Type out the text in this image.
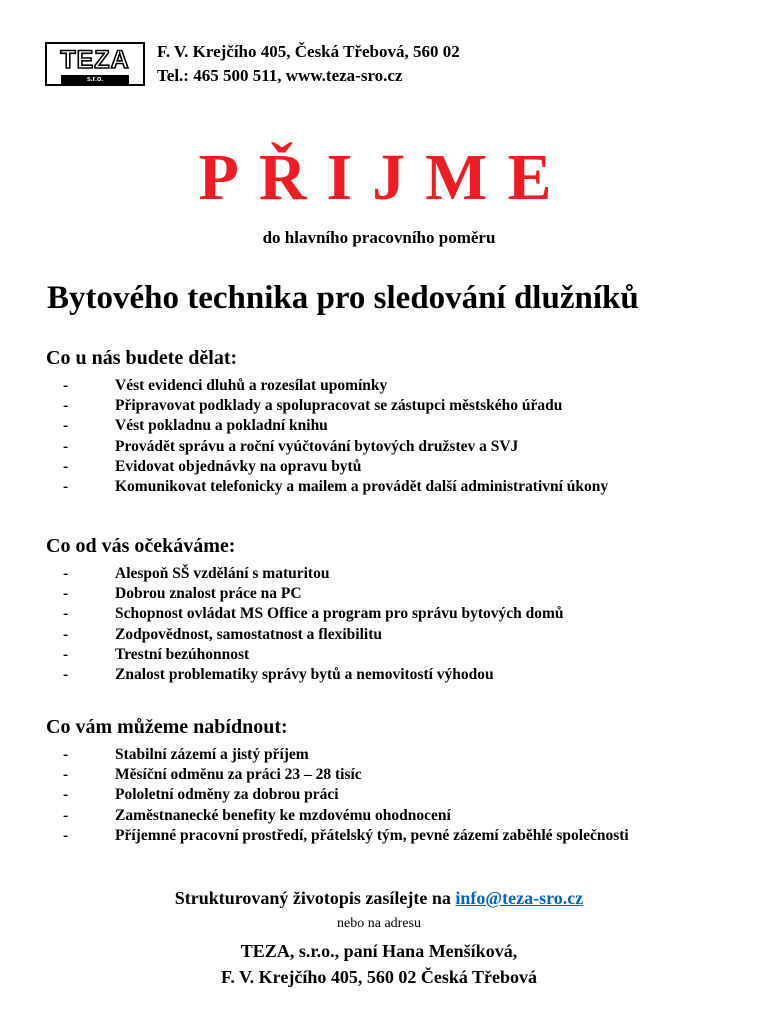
TEZA
s.r.o.
F. V. Krejčího 405, Česká Třebová, 560 02
Tel.: 465 500 511, www.teza-sro.cz
PŘIJME
do hlavního pracovního poměru
Bytového technika pro sledování dlužníků
Co u nás budete dělat:
-	Vést evidenci dluhů a rozesílat upomínky
-	Připravovat podklady a spolupracovat se zástupci městského úřadu
-	Vést pokladnu a pokladní knihu
-	Provádět správu a roční vyúčtování bytových družstev a SVJ
-	Evidovat objednávky na opravu bytů
-	Komunikovat telefonicky a mailem a provádět další administrativní úkony
Co od vás očekáváme:
-	Alespoň SŠ vzdělání s maturitou
-	Dobrou znalost práce na PC
-	Schopnost ovládat MS Office a program pro správu bytových domů
-	Zodpovědnost, samostatnost a flexibilitu
-	Trestní bezúhonnost
-	Znalost problematiky správy bytů a nemovitostí výhodou
Co vám můžeme nabídnout:
-	Stabilní zázemí a jistý příjem
-	Měsíční odměnu za práci 23 – 28 tisíc
-	Pololetní odměny za dobrou práci
-	Zaměstnanecké benefity ke mzdovému ohodnocení
-	Příjemné pracovní prostředí, přátelský tým, pevné zázemí zaběhlé společnosti
Strukturovaný životopis zasílejte na info@teza-sro.cz
nebo na adresu
TEZA, s.r.o., paní Hana Menšíková,
F. V. Krejčího 405, 560 02 Česká Třebová
